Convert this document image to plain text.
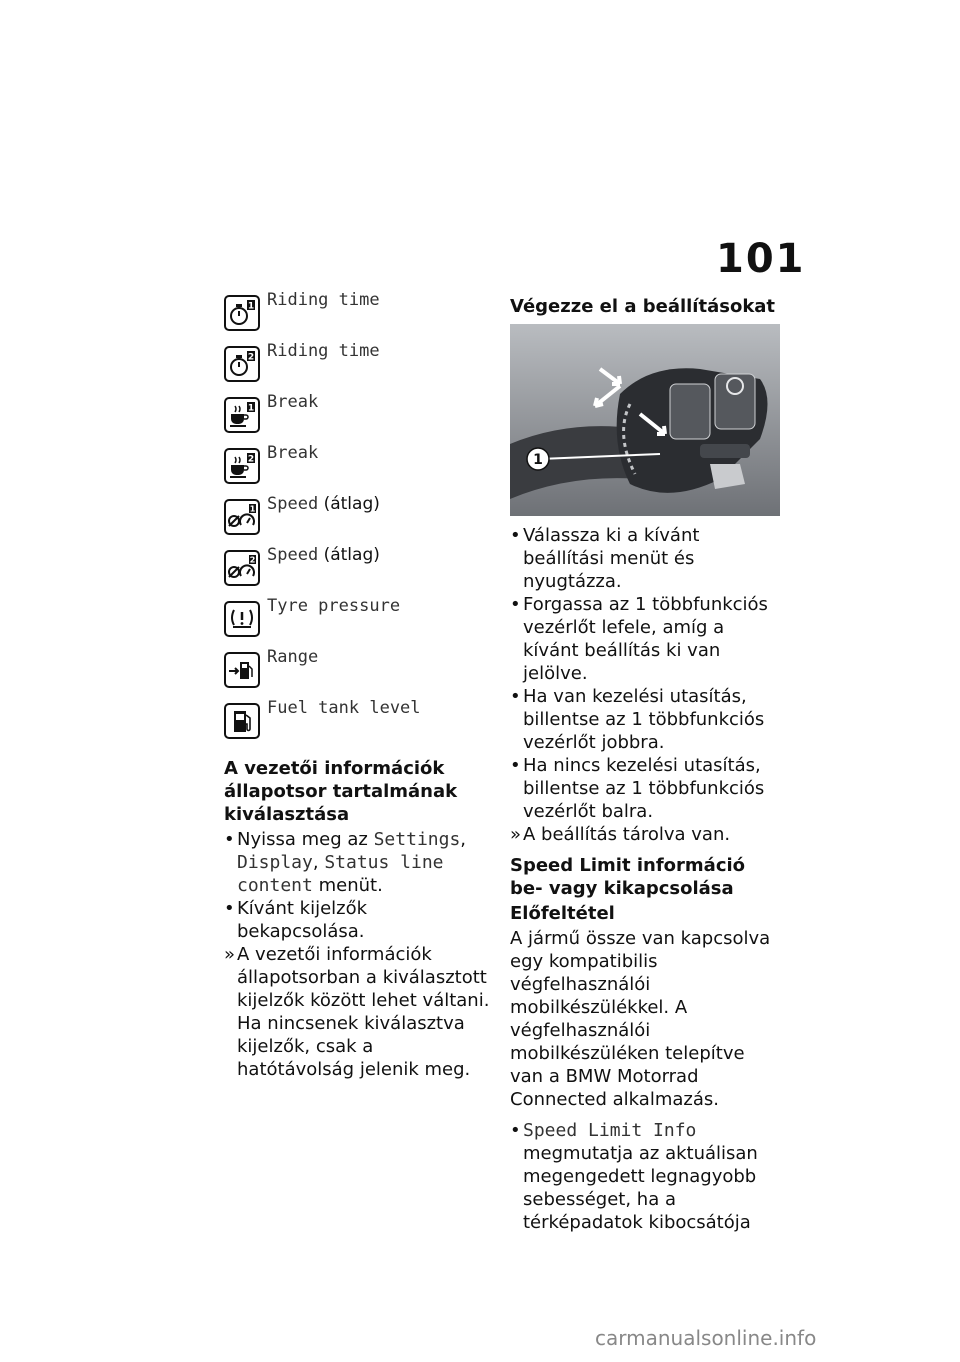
101
1 Riding time
2 Riding time
1 Break
2 Break
1 Speed (átlag)
2 Speed (átlag)
Tyre pressure
Range
Fuel tank level
A vezetői információk állapotsor tartalmának kiválasztása

• Nyissa meg az Settings, Display, Status line content menüt.

• Kívánt kijelzők bekapcsolása.

» A vezetői információk állapotsorban a kiválasztott kijelzők között lehet váltani. Ha nincsenek kiválasztva kijelzők, csak a hatótávolság jelenik meg.

Végezze el a beállításokat
1

• Válassza ki a kívánt beállítási menüt és nyugtázza.

• Forgassa az 1 többfunkciós vezérlőt lefele, amíg a kívánt beállítás ki van jelölve.

• Ha van kezelési utasítás, billentse az 1 többfunkciós vezérlőt jobbra.

• Ha nincs kezelési utasítás, billentse az 1 többfunkciós vezérlőt balra.

» A beállítás tárolva van.

Speed Limit információ be- vagy kikapcsolása
Előfeltétel

A jármű össze van kapcsolva egy kompatibilis végfelhasználói mobilkészülékkel. A végfelhasználói mobilkészüléken telepítve van a BMW Motorrad Connected alkalmazás.

• Speed Limit Info megmutatja az aktuálisan megengedett legnagyobb sebességet, ha a térképadatok kibocsátója

carmanualsonline.info
